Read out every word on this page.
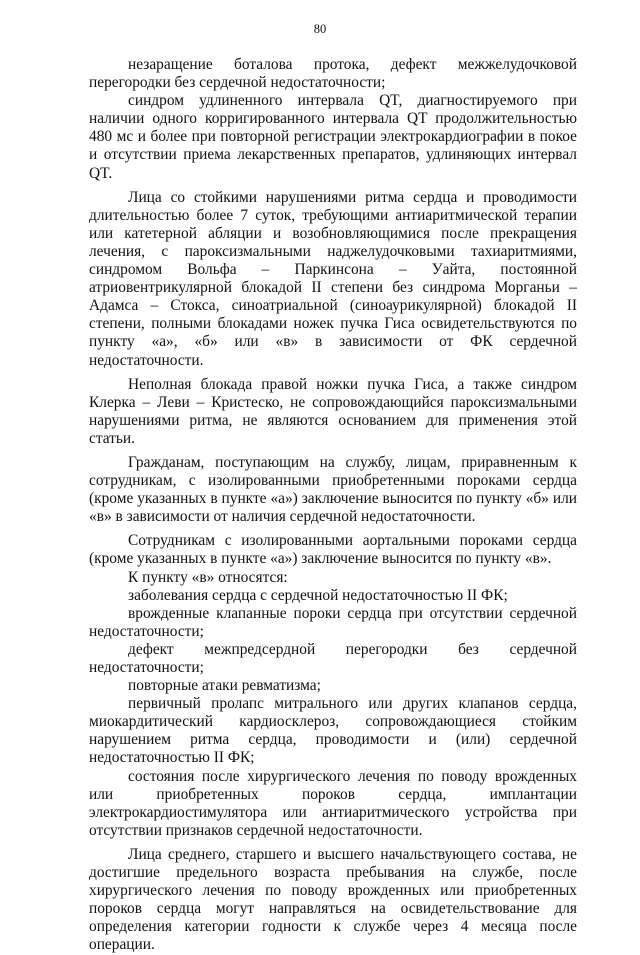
80

незаращение боталова протока, дефект межжелудочковой перегородки без сердечной недостаточности;

синдром удлиненного интервала QT, диагностируемого при наличии одного корригированного интервала QT продолжительностью 480 мс и более при повторной регистрации электрокардиографии в покое и отсутствии приема лекарственных препаратов, удлиняющих интервал QT.

Лица со стойкими нарушениями ритма сердца и проводимости длительностью более 7 суток, требующими антиаритмической терапии или катетерной абляции и возобновляющимися после прекращения лечения, с пароксизмальными наджелудочковыми тахиаритмиями, синдромом Вольфа – Паркинсона – Уайта, постоянной атриовентрикулярной блокадой II степени без синдрома Морганьи – Адамса – Стокса, синоатриальной (синоаурикулярной) блокадой II степени, полными блокадами ножек пучка Гиса освидетельствуются по пункту «а», «б» или «в» в зависимости от ФК сердечной недостаточности.

Неполная блокада правой ножки пучка Гиса, а также синдром Клерка – Леви – Кристеско, не сопровождающийся пароксизмальными нарушениями ритма, не являются основанием для применения этой статьи.

Гражданам, поступающим на службу, лицам, приравненным к сотрудникам, с изолированными приобретенными пороками сердца (кроме указанных в пункте «а») заключение выносится по пункту «б» или «в» в зависимости от наличия сердечной недостаточности.

Сотрудникам с изолированными аортальными пороками сердца (кроме указанных в пункте «а») заключение выносится по пункту «в».

К пункту «в» относятся:

заболевания сердца с сердечной недостаточностью II ФК;

врожденные клапанные пороки сердца при отсутствии сердечной недостаточности;

дефект межпредсердной перегородки без сердечной недостаточности;

повторные атаки ревматизма;

первичный пролапс митрального или других клапанов сердца, миокардитический кардиосклероз, сопровождающиеся стойким нарушением ритма сердца, проводимости и (или) сердечной недостаточностью II ФК;

состояния после хирургического лечения по поводу врожденных или приобретенных пороков сердца, имплантации электрокардиостимулятора или антиаритмического устройства при отсутствии признаков сердечной недостаточности.

Лица среднего, старшего и высшего начальствующего состава, не достигшие предельного возраста пребывания на службе, после хирургического лечения по поводу врожденных или приобретенных пороков сердца могут направляться на освидетельствование для определения категории годности к службе через 4 месяца после операции.
